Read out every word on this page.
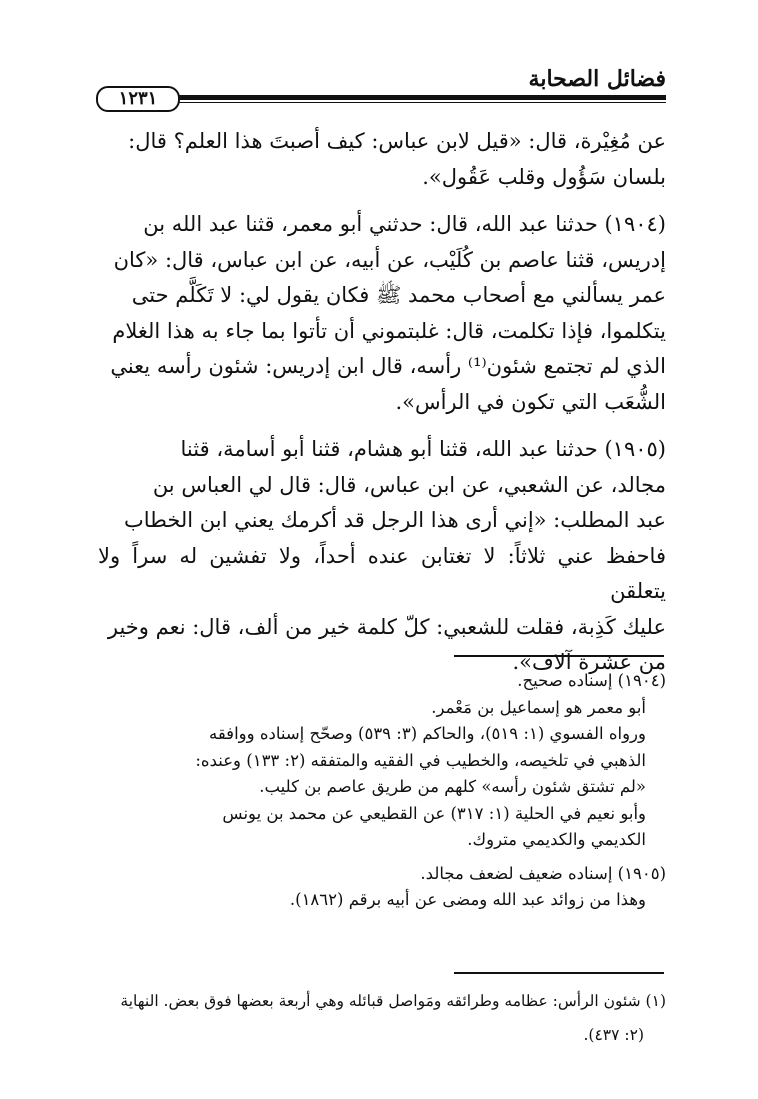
فضائل الصحابة
١٢٣١

عن مُغِيْرة، قال: «قيل لابن عباس: كيف أصبتَ هذا العلم؟ قال:

بلسان سَؤُول وقلب عَقُول».

(١٩٠٤) حدثنا عبد الله، قال: حدثني أبو معمر، قثنا عبد الله بن

إدريس، قثنا عاصم بن كُلَيْب، عن أبيه، عن ابن عباس، قال: «كان

عمر يسألني مع أصحاب محمد ﷺ فكان يقول لي: لا تَكَلَّم حتى

يتكلموا، فإذا تكلمت، قال: غلبتموني أن تأتوا بما جاء به هذا الغلام

الذي لم تجتمع شئون⁽¹⁾ رأسه، قال ابن إدريس: شئون رأسه يعني

الشُّعَب التي تكون في الرأس».

(١٩٠٥) حدثنا عبد الله، قثنا أبو هشام، قثنا أبو أسامة، قثنا

مجالد، عن الشعبي، عن ابن عباس، قال: قال لي العباس بن

عبد المطلب: «إني أرى هذا الرجل قد أكرمك يعني ابن الخطاب

فاحفظ عني ثلاثاً: لا تغتابن عنده أحداً، ولا تفشين له سراً ولا يتعلقن

عليك كَذِبة، فقلت للشعبي: كلّ كلمة خير من ألف، قال: نعم وخير

من عشرة آلاف».

(١٩٠٤) إسناده صحيح.

أبو معمر هو إسماعيل بن مَعْمر.

ورواه الفسوي (١: ٥١٩)، والحاكم (٣: ٥٣٩) وصحّح إسناده ووافقه

الذهبي في تلخيصه، والخطيب في الفقيه والمتفقه (٢: ١٣٣) وعنده:

«لم تشتق شئون رأسه» كلهم من طريق عاصم بن كليب.

وأبو نعيم في الحلية (١: ٣١٧) عن القطيعي عن محمد بن يونس

الكديمي والكديمي متروك.

(١٩٠٥) إسناده ضعيف لضعف مجالد.

وهذا من زوائد عبد الله ومضى عن أبيه برقم (١٨٦٢).

(١) شئون الرأس: عظامه وطرائقه ومَواصل قبائله وهي أربعة بعضها فوق بعض. النهاية

(٢: ٤٣٧).
